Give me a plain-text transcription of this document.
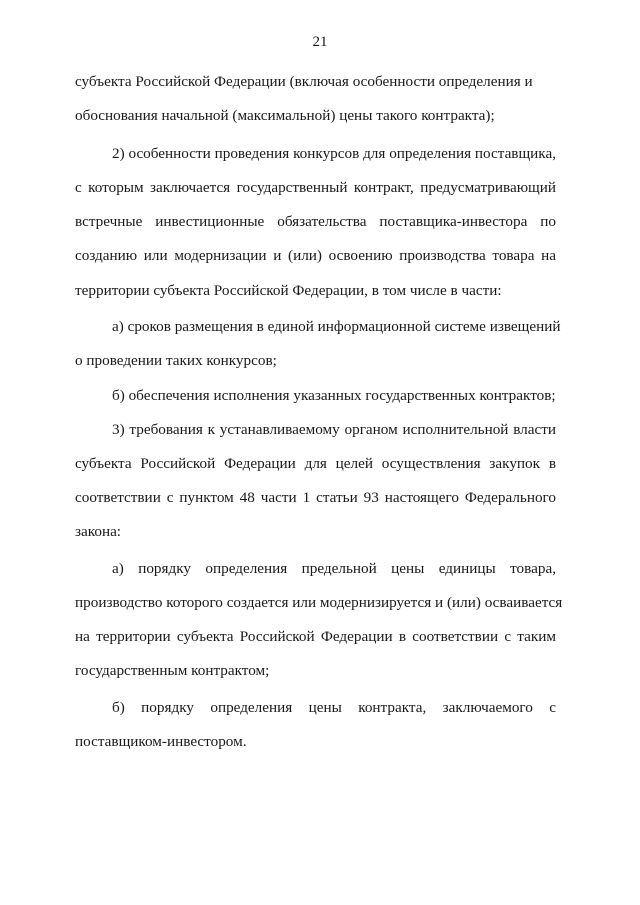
21
субъекта Российской Федерации (включая особенности определения и
обоснования начальной (максимальной) цены такого контракта);
2) особенности проведения конкурсов для определения поставщика,
с которым заключается государственный контракт, предусматривающий
встречные инвестиционные обязательства поставщика-инвестора по
созданию или модернизации и (или) освоению производства товара на
территории субъекта Российской Федерации, в том числе в части:
а) сроков размещения в единой информационной системе извещений
о проведении таких конкурсов;
б) обеспечения исполнения указанных государственных контрактов;
3) требования к устанавливаемому органом исполнительной власти
субъекта Российской Федерации для целей осуществления закупок в
соответствии с пунктом 48 части 1 статьи 93 настоящего Федерального
закона:
а) порядку определения предельной цены единицы товара,
производство которого создается или модернизируется и (или) осваивается
на территории субъекта Российской Федерации в соответствии с таким
государственным контрактом;
б) порядку определения цены контракта, заключаемого с
поставщиком-инвестором.
